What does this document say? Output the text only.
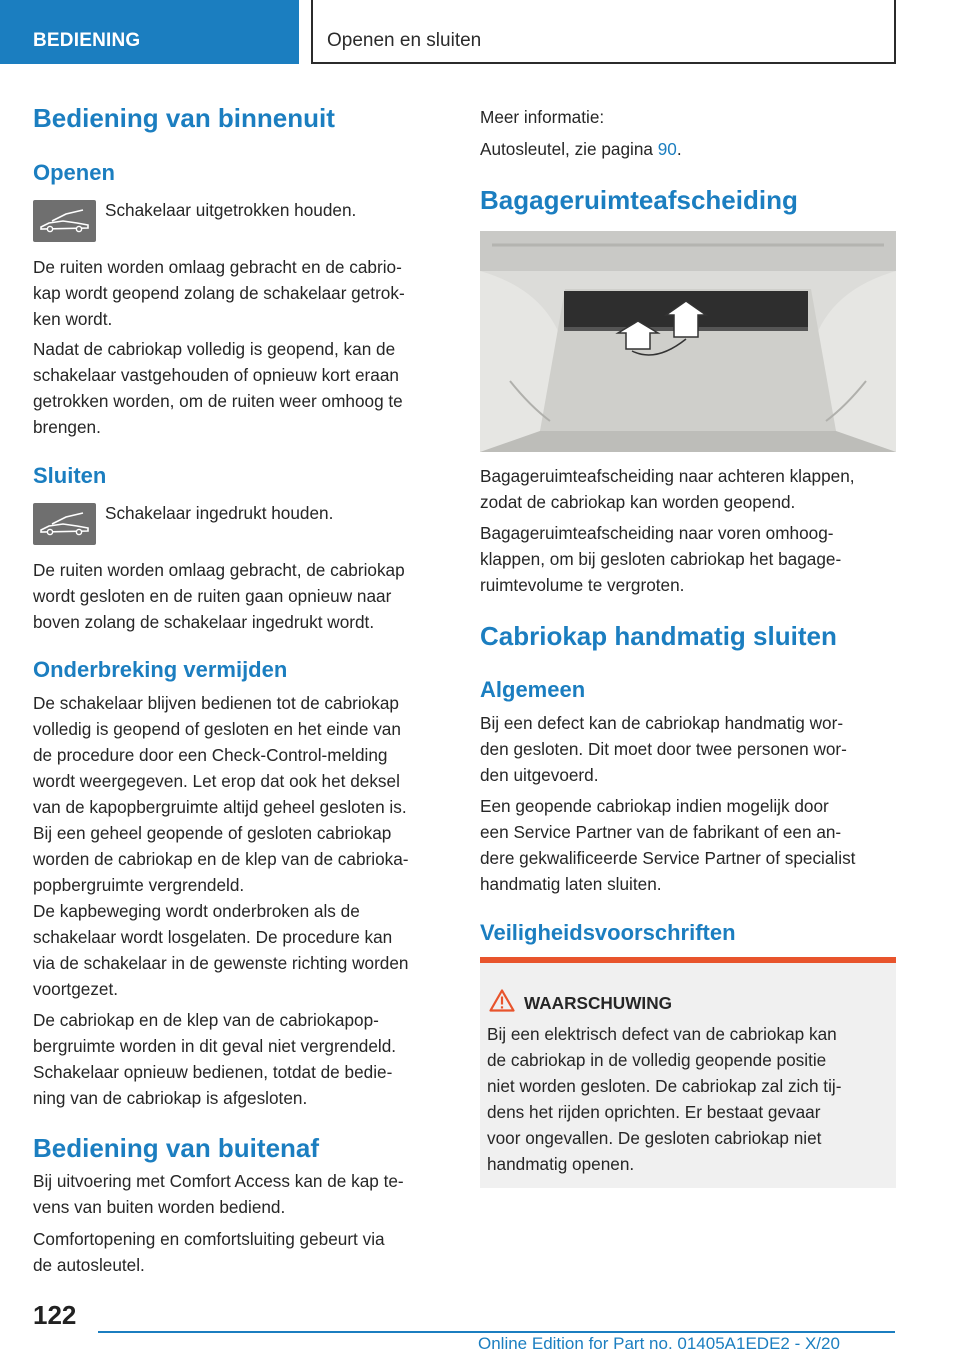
BEDIENING	Openen en sluiten
Bediening van binnenuit
Openen
Schakelaar uitgetrokken houden.
De ruiten worden omlaag gebracht en de cabrio‐
kap wordt geopend zolang de schakelaar getrok‐
ken wordt.
Nadat de cabriokap volledig is geopend, kan de
schakelaar vastgehouden of opnieuw kort eraan
getrokken worden, om de ruiten weer omhoog te
brengen.
Sluiten
Schakelaar ingedrukt houden.
De ruiten worden omlaag gebracht, de cabriokap
wordt gesloten en de ruiten gaan opnieuw naar
boven zolang de schakelaar ingedrukt wordt.
Onderbreking vermijden
De schakelaar blijven bedienen tot de cabriokap
volledig is geopend of gesloten en het einde van
de procedure door een Check-Control-melding
wordt weergegeven. Let erop dat ook het deksel
van de kapopbergruimte altijd geheel gesloten is.
Bij een geheel geopende of gesloten cabriokap
worden de cabriokap en de klep van de cabrioka‐
popbergruimte vergrendeld.
De kapbeweging wordt onderbroken als de
schakelaar wordt losgelaten. De procedure kan
via de schakelaar in de gewenste richting worden
voortgezet.
De cabriokap en de klep van de cabriokapop‐
bergruimte worden in dit geval niet vergrendeld.
Schakelaar opnieuw bedienen, totdat de bedie‐
ning van de cabriokap is afgesloten.
Bediening van buitenaf
Bij uitvoering met Comfort Access kan de kap te‐
vens van buiten worden bediend.
Comfortopening en comfortsluiting gebeurt via
de autosleutel.
Meer informatie:
Autosleutel, zie pagina 90.
Bagageruimteafscheiding
Bagageruimteafscheiding naar achteren klappen,
zodat de cabriokap kan worden geopend.
Bagageruimteafscheiding naar voren omhoog‐
klappen, om bij gesloten cabriokap het bagage‐
ruimtevolume te vergroten.
Cabriokap handmatig sluiten
Algemeen
Bij een defect kan de cabriokap handmatig wor‐
den gesloten. Dit moet door twee personen wor‐
den uitgevoerd.
Een geopende cabriokap indien mogelijk door
een Service Partner van de fabrikant of een an‐
dere gekwalificeerde Service Partner of specialist
handmatig laten sluiten.
Veiligheidsvoorschriften
WAARSCHUWING
Bij een elektrisch defect van de cabriokap kan
de cabriokap in de volledig geopende positie
niet worden gesloten. De cabriokap zal zich tij‐
dens het rijden oprichten. Er bestaat gevaar
voor ongevallen. De gesloten cabriokap niet
handmatig openen.
122
Online Edition for Part no. 01405A1EDE2 - X/20
